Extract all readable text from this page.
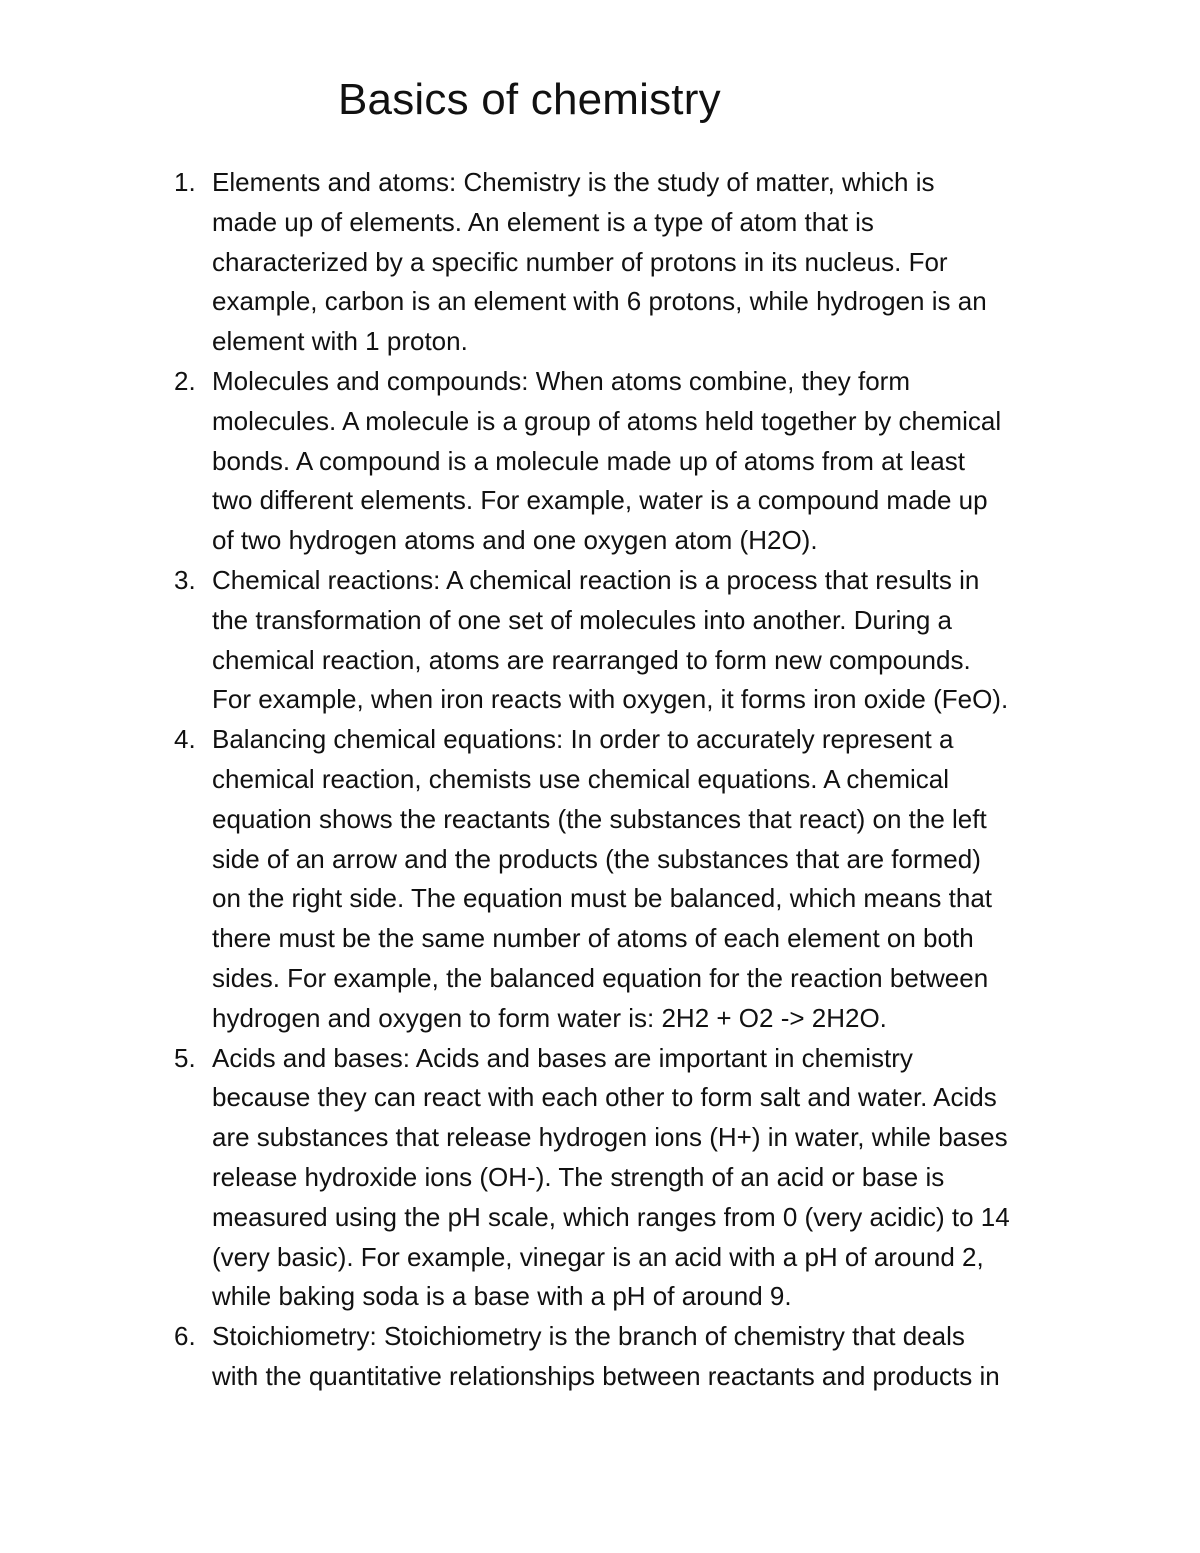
Basics of chemistry
1. Elements and atoms: Chemistry is the study of matter, which is
made up of elements. An element is a type of atom that is
characterized by a specific number of protons in its nucleus. For
example, carbon is an element with 6 protons, while hydrogen is an
element with 1 proton.
2. Molecules and compounds: When atoms combine, they form
molecules. A molecule is a group of atoms held together by chemical
bonds. A compound is a molecule made up of atoms from at least
two different elements. For example, water is a compound made up
of two hydrogen atoms and one oxygen atom (H2O).
3. Chemical reactions: A chemical reaction is a process that results in
the transformation of one set of molecules into another. During a
chemical reaction, atoms are rearranged to form new compounds.
For example, when iron reacts with oxygen, it forms iron oxide (FeO).
4. Balancing chemical equations: In order to accurately represent a
chemical reaction, chemists use chemical equations. A chemical
equation shows the reactants (the substances that react) on the left
side of an arrow and the products (the substances that are formed)
on the right side. The equation must be balanced, which means that
there must be the same number of atoms of each element on both
sides. For example, the balanced equation for the reaction between
hydrogen and oxygen to form water is: 2H2 + O2 -> 2H2O.
5. Acids and bases: Acids and bases are important in chemistry
because they can react with each other to form salt and water. Acids
are substances that release hydrogen ions (H+) in water, while bases
release hydroxide ions (OH-). The strength of an acid or base is
measured using the pH scale, which ranges from 0 (very acidic) to 14
(very basic). For example, vinegar is an acid with a pH of around 2,
while baking soda is a base with a pH of around 9.
6. Stoichiometry: Stoichiometry is the branch of chemistry that deals
with the quantitative relationships between reactants and products in
